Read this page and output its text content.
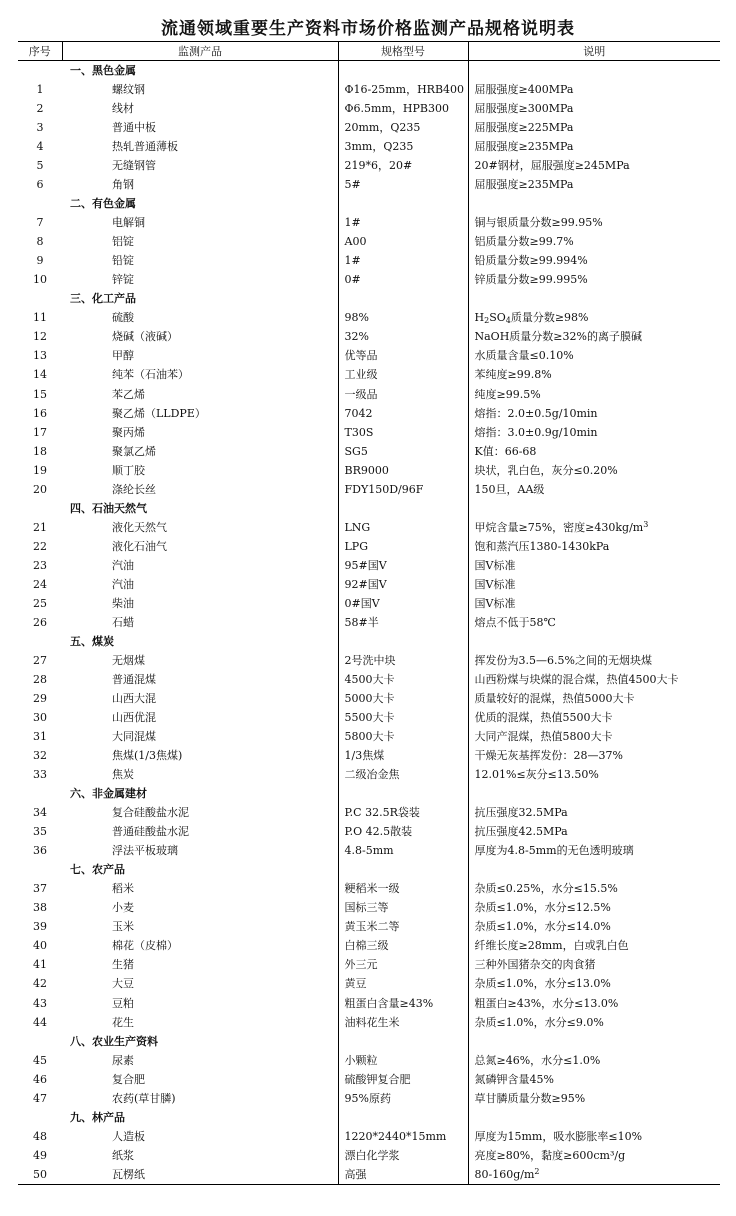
流通领域重要生产资料市场价格监测产品规格说明表
序号	监测产品	规格型号	说明
	一、黑色金属		
1	螺纹钢	Φ16-25mm，HRB400	屈服强度≥400MPa
2	线材	Φ6.5mm，HPB300	屈服强度≥300MPa
3	普通中板	20mm，Q235	屈服强度≥225MPa
4	热轧普通薄板	3mm，Q235	屈服强度≥235MPa
5	无缝钢管	219*6，20#	20#钢材，屈服强度≥245MPa
6	角钢	5#	屈服强度≥235MPa
	二、有色金属		
7	电解铜	1#	铜与银质量分数≥99.95%
8	铝锭	A00	铝质量分数≥99.7%
9	铅锭	1#	铅质量分数≥99.994%
10	锌锭	0#	锌质量分数≥99.995%
	三、化工产品		
11	硫酸	98%	$H_2SO_4$质量分数≥98%
12	烧碱（液碱）	32%	NaOH质量分数≥32%的离子膜碱
13	甲醇	优等品	水质量含量≤0.10%
14	纯苯（石油苯）	工业级	苯纯度≥99.8%
15	苯乙烯	一级品	纯度≥99.5%
16	聚乙烯（LLDPE）	7042	熔指：2.0±0.5g/10min
17	聚丙烯	T30S	熔指：3.0±0.9g/10min
18	聚氯乙烯	SG5	K值：66-68
19	顺丁胶	BR9000	块状，乳白色，灰分≤0.20%
20	涤纶长丝	FDY150D/96F	150旦，AA级
	四、石油天然气		
21	液化天然气	LNG	甲烷含量≥75%，密度$\ge 430kg/m^3$
22	液化石油气	LPG	饱和蒸汽压1380-1430kPa
23	汽油	95#国Ⅴ	国Ⅴ标准
24	汽油	92#国Ⅴ	国Ⅴ标准
25	柴油	0#国Ⅴ	国Ⅴ标准
26	石蜡	58#半	熔点不低于58℃
	五、煤炭		
27	无烟煤	2号洗中块	挥发份为3.5—6.5%之间的无烟块煤
28	普通混煤	4500大卡	山西粉煤与块煤的混合煤，热值4500大卡
29	山西大混	5000大卡	质量较好的混煤，热值5000大卡
30	山西优混	5500大卡	优质的混煤，热值5500大卡
31	大同混煤	5800大卡	大同产混煤，热值5800大卡
32	焦煤(1/3焦煤)	1/3焦煤	干燥无灰基挥发份：28—37%
33	焦炭	二级冶金焦	12.01%≤灰分≤13.50%
	六、非金属建材		
34	复合硅酸盐水泥	P.C 32.5R袋装	抗压强度32.5MPa
35	普通硅酸盐水泥	P.O 42.5散装	抗压强度42.5MPa
36	浮法平板玻璃	4.8-5mm	厚度为4.8-5mm的无色透明玻璃
	七、农产品		
37	稻米	粳稻米一级	杂质≤0.25%，水分≤15.5%
38	小麦	国标三等	杂质≤1.0%，水分≤12.5%
39	玉米	黄玉米二等	杂质≤1.0%，水分≤14.0%
40	棉花（皮棉）	白棉三级	纤维长度≥28mm，白或乳白色
41	生猪	外三元	三种外国猪杂交的肉食猪
42	大豆	黄豆	杂质≤1.0%，水分≤13.0%
43	豆粕	粗蛋白含量≥43%	粗蛋白≥43%，水分≤13.0%
44	花生	油料花生米	杂质≤1.0%，水分≤9.0%
	八、农业生产资料		
45	尿素	小颗粒	总氮≥46%，水分≤1.0%
46	复合肥	硫酸钾复合肥	氮磷钾含量45%
47	农药(草甘膦)	95%原药	草甘膦质量分数≥95%
	九、林产品		
48	人造板	1220*2440*15mm	厚度为15mm，吸水膨胀率≤10%
49	纸浆	漂白化学浆	亮度≥80%，黏度≥600cm³/g
50	瓦楞纸	高强	$80-160g/m^2$
